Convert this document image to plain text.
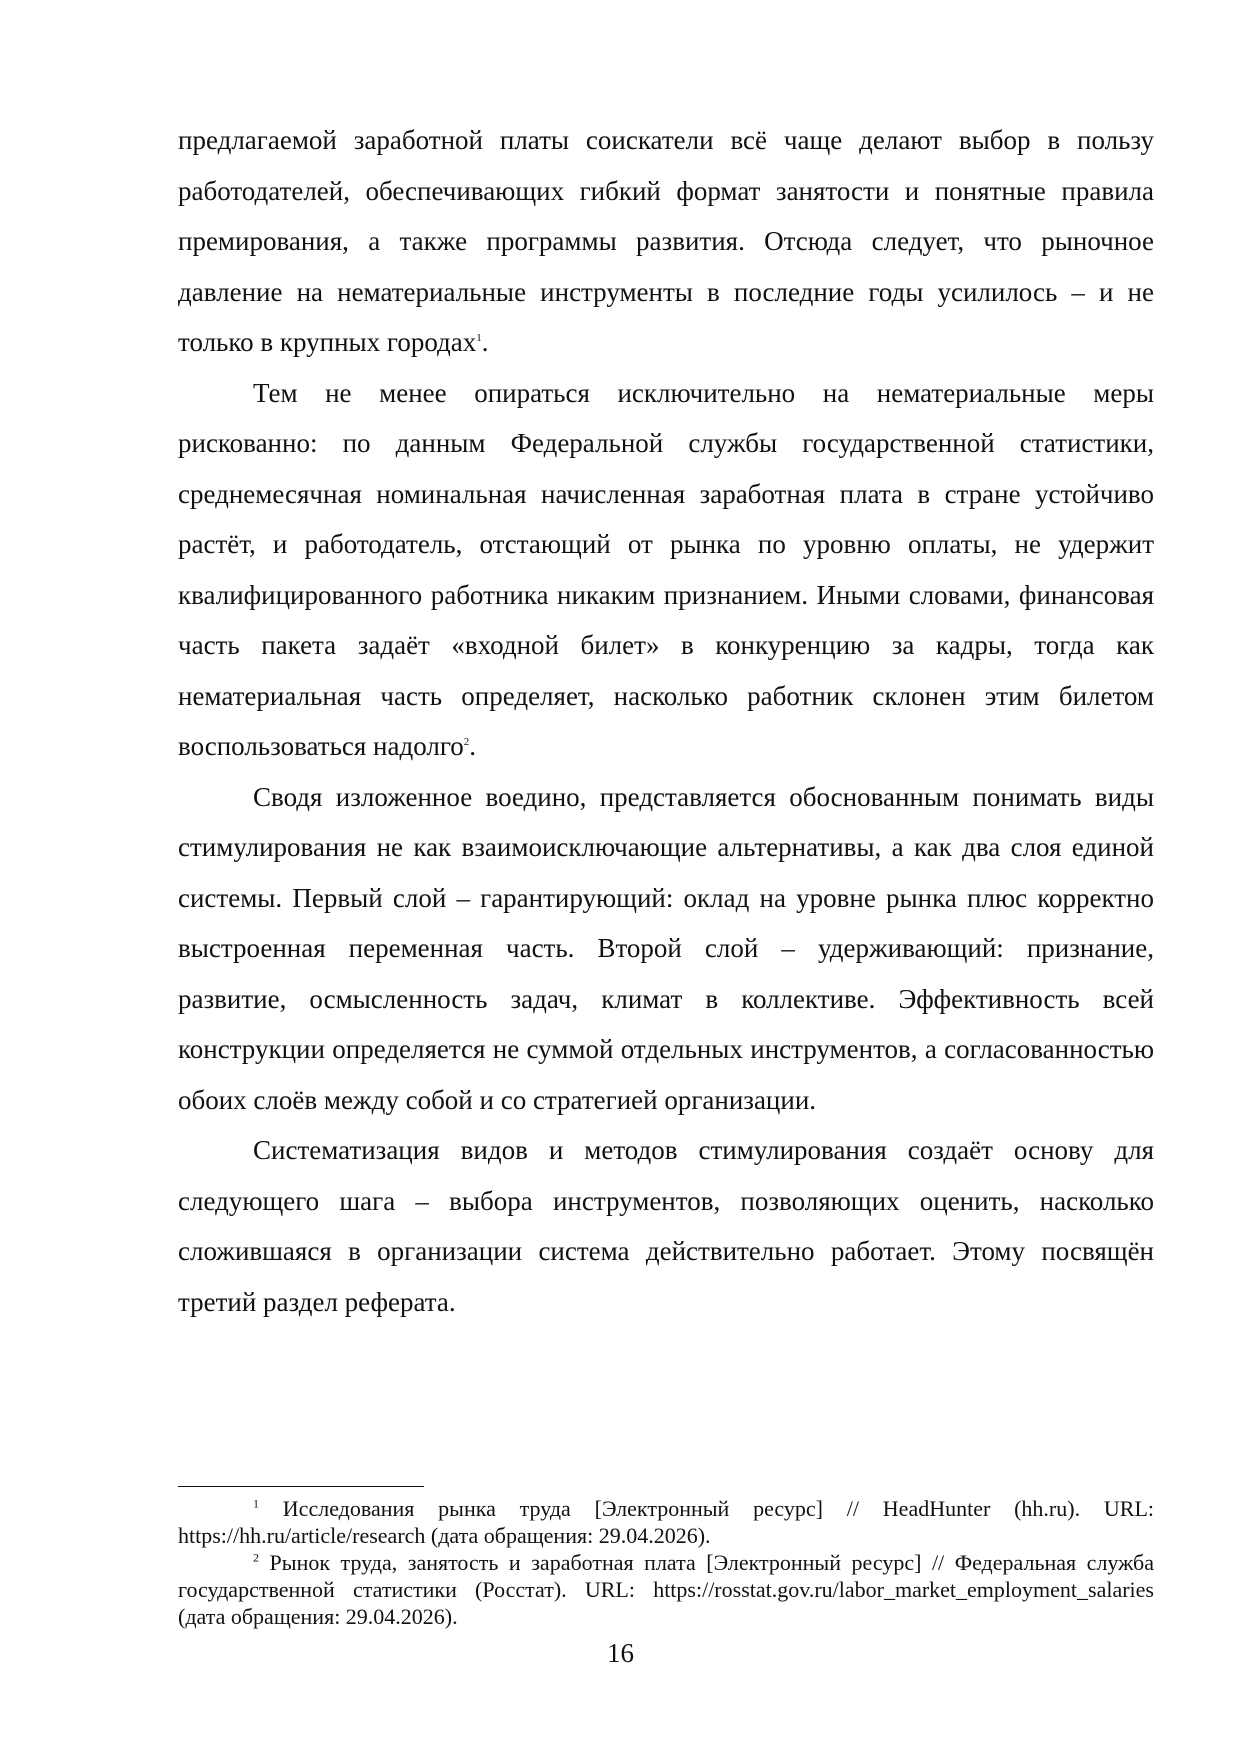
предлагаемой заработной платы соискатели всё чаще делают выбор в пользу работодателей, обеспечивающих гибкий формат занятости и понятные правила премирования, а также программы развития. Отсюда следует, что рыночное давление на нематериальные инструменты в последние годы усилилось – и не только в крупных городах$^1$.

Тем не менее опираться исключительно на нематериальные меры рискованно: по данным Федеральной службы государственной статистики, среднемесячная номинальная начисленная заработная плата в стране устойчиво растёт, и работодатель, отстающий от рынка по уровню оплаты, не удержит квалифицированного работника никаким признанием. Иными словами, финансовая часть пакета задаёт «входной билет» в конкуренцию за кадры, тогда как нематериальная часть определяет, насколько работник склонен этим билетом воспользоваться надолго$^2$.

Сводя изложенное воедино, представляется обоснованным понимать виды стимулирования не как взаимоисключающие альтернативы, а как два слоя единой системы. Первый слой – гарантирующий: оклад на уровне рынка плюс корректно выстроенная переменная часть. Второй слой – удерживающий: признание, развитие, осмысленность задач, климат в коллективе. Эффективность всей конструкции определяется не суммой отдельных инструментов, а согласованностью обоих слоёв между собой и со стратегией организации.

Систематизация видов и методов стимулирования создаёт основу для следующего шага – выбора инструментов, позволяющих оценить, насколько сложившаяся в организации система действительно работает. Этому посвящён третий раздел реферата.

$^1$ Исследования рынка труда [Электронный ресурс] // HeadHunter (hh.ru). URL: https://hh.ru/article/research (дата обращения: 29.04.2026).

$^2$ Рынок труда, занятость и заработная плата [Электронный ресурс] // Федеральная служба государственной статистики (Росстат). URL: https://rosstat.gov.ru/labor_market_employment_salaries (дата обращения: 29.04.2026).

16
